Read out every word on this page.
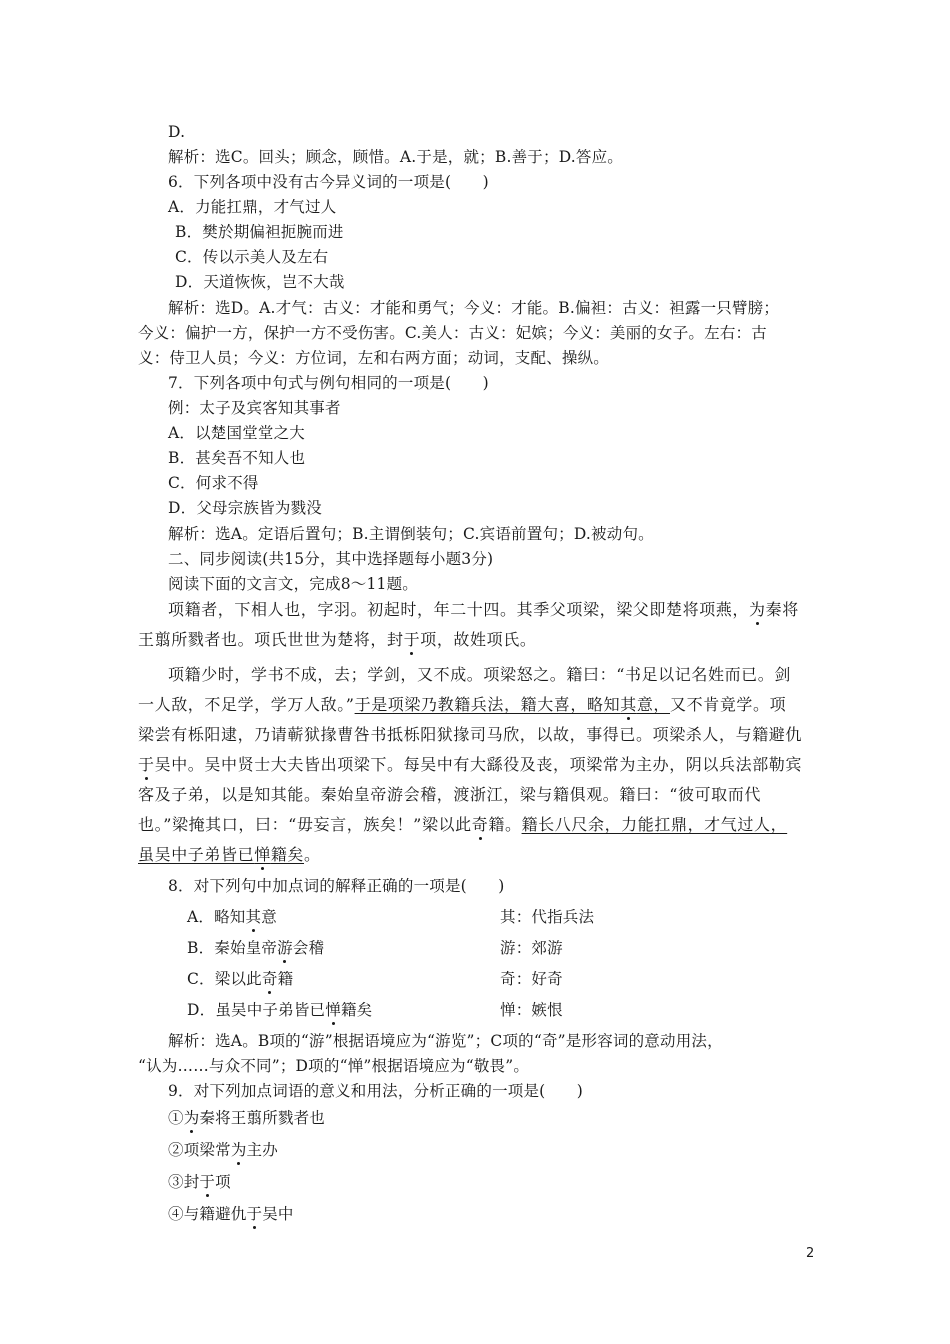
D.
解析：选C。回头；顾念，顾惜。A.于是，就；B.善于；D.答应。
6．下列各项中没有古今异义词的一项是(　　)
A．力能扛鼎，才气过人
B．樊於期偏袒扼腕而进
C．传以示美人及左右
D．天道恢恢，岂不大哉
解析：选D。A.才气：古义：才能和勇气；今义：才能。B.偏袒：古义：袒露一只臂膀；
今义：偏护一方，保护一方不受伤害。C.美人：古义：妃嫔；今义：美丽的女子。左右：古
义：侍卫人员；今义：方位词，左和右两方面；动词，支配、操纵。
7．下列各项中句式与例句相同的一项是(　　)
例：太子及宾客知其事者
A．以楚国堂堂之大
B．甚矣吾不知人也
C．何求不得
D．父母宗族皆为戮没
解析：选A。定语后置句；B.主谓倒装句；C.宾语前置句；D.被动句。
二、同步阅读(共15分，其中选择题每小题3分)
阅读下面的文言文，完成8～11题。
项籍者，下相人也，字羽。初起时，年二十四。其季父项梁，梁父即楚将项燕，为秦将
王翦所戮者也。项氏世世为楚将，封于项，故姓项氏。
项籍少时，学书不成，去；学剑，又不成。项梁怒之。籍曰：“书足以记名姓而已。剑
一人敌，不足学，学万人敌。”于是项梁乃教籍兵法，籍大喜，略知其意，又不肯竟学。项
梁尝有栎阳逮，乃请蕲狱掾曹咎书抵栎阳狱掾司马欣，以故，事得已。项梁杀人，与籍避仇
于吴中。吴中贤士大夫皆出项梁下。每吴中有大繇役及丧，项梁常为主办，阴以兵法部勒宾
客及子弟，以是知其能。秦始皇帝游会稽，渡浙江，梁与籍俱观。籍曰：“彼可取而代
也。”梁掩其口，曰：“毋妄言，族矣！”梁以此奇籍。籍长八尺余，力能扛鼎，才气过人，
虽吴中子弟皆已惮籍矣。
8．对下列句中加点词的解释正确的一项是(　　)
A．略知其意	其：代指兵法
B．秦始皇帝游会稽	游：郊游
C．梁以此奇籍	奇：好奇
D．虽吴中子弟皆已惮籍矣	惮：嫉恨
解析：选A。B项的“游”根据语境应为“游览”；C项的“奇”是形容词的意动用法，
“认为……与众不同”；D项的“惮”根据语境应为“敬畏”。
9．对下列加点词语的意义和用法，分析正确的一项是(　　)
①为秦将王翦所戮者也
②项梁常为主办
③封于项
④与籍避仇于吴中
2
